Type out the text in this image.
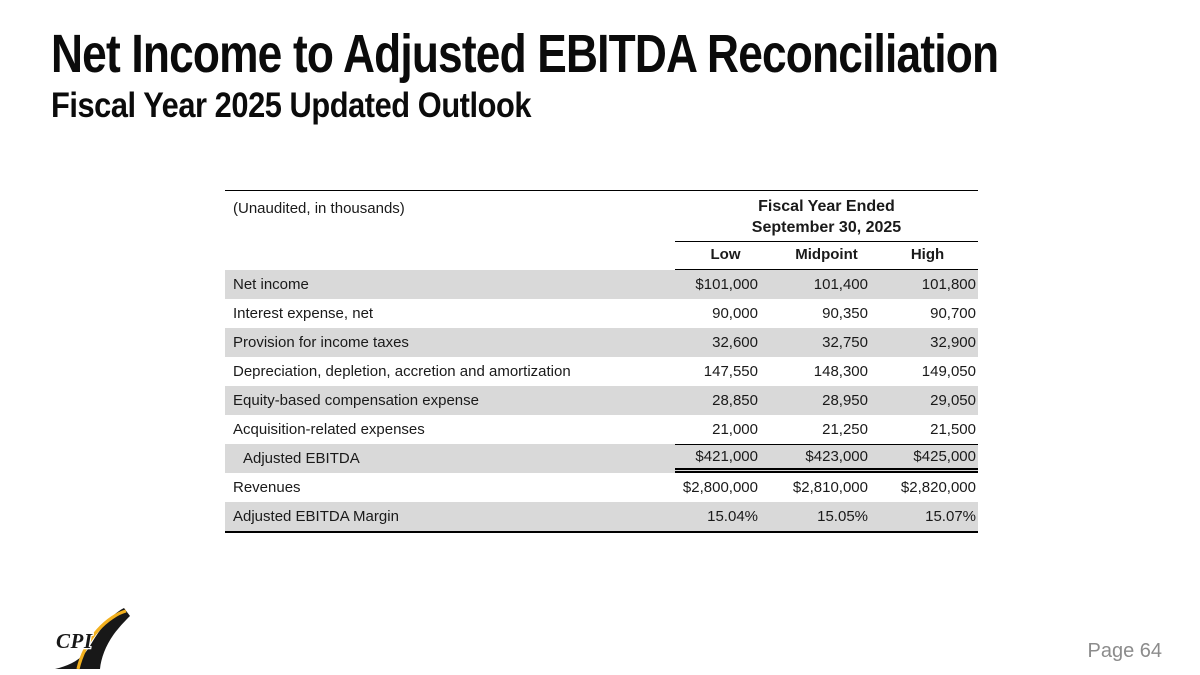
Net Income to Adjusted EBITDA Reconciliation
Fiscal Year 2025 Updated Outlook
(Unaudited, in thousands)	Fiscal Year Ended
September 30, 2025
Low	Midpoint	High
Net income	$101,000	101,400	101,800
Interest expense, net	90,000	90,350	90,700
Provision for income taxes	32,600	32,750	32,900
Depreciation, depletion, accretion and amortization	147,550	148,300	149,050
Equity-based compensation expense	28,850	28,950	29,050
Acquisition-related expenses	21,000	21,250	21,500
Adjusted EBITDA	$421,000	$423,000	$425,000
Revenues	$2,800,000	$2,810,000	$2,820,000
Adjusted EBITDA Margin	15.04%	15.05%	15.07%
CPI	Page 64
